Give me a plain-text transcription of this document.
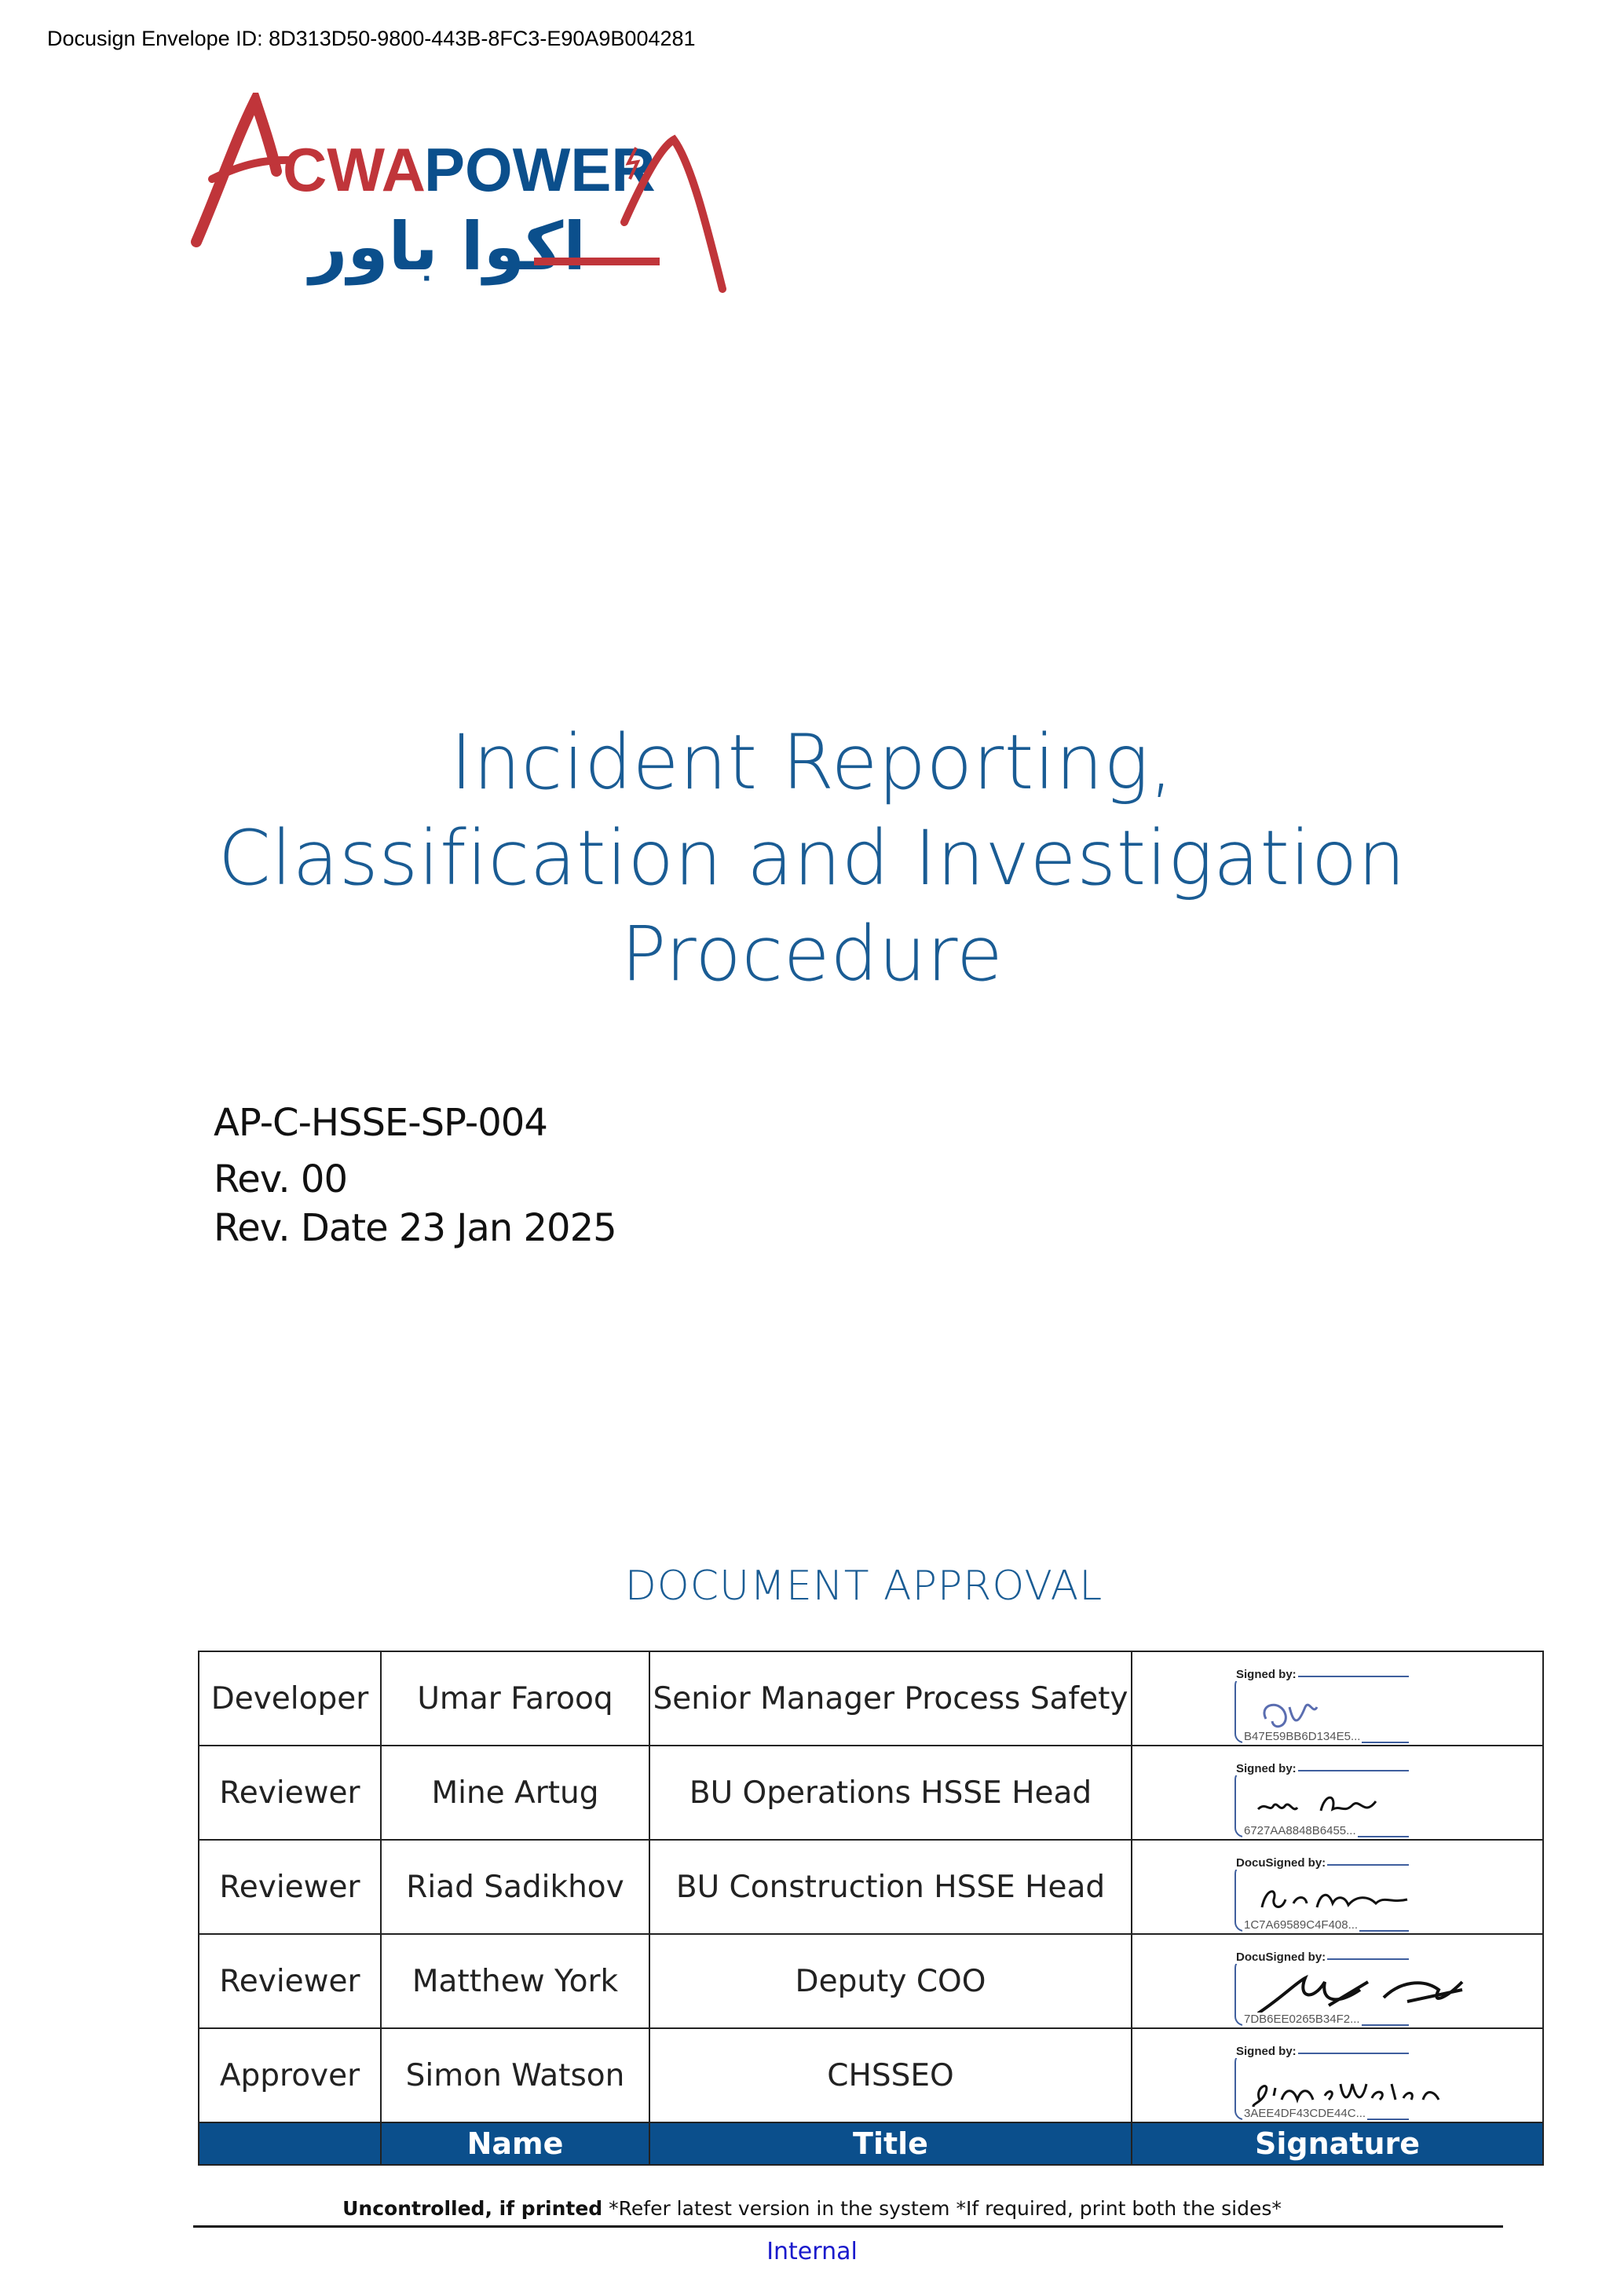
Docusign Envelope ID: 8D313D50-9800-443B-8FC3-E90A9B004281
CWA
POWER
اكوا باور
Incident Reporting,
Classification and Investigation
Procedure
AP-C-HSSE-SP-004
Rev. 00
Rev. Date 23 Jan 2025
DOCUMENT APPROVAL
Developer	Umar Farooq	Senior Manager Process Safety	Signed by:
B47E59BB6D134E5...

Reviewer	Mine Artug	BU Operations HSSE Head	Signed by:
6727AA8848B6455...

Reviewer	Riad Sadikhov	BU Construction HSSE Head	DocuSigned by:
1C7A69589C4F408...

Reviewer	Matthew York	Deputy COO	DocuSigned by:
7DB6EE0265B34F2...

Approver	Simon Watson	CHSSEO	Signed by:
3AEE4DF43CDE44C...

	Name	Title	Signature
Uncontrolled, if printed *Refer latest version in the system *If required, print both the sides*
Internal
